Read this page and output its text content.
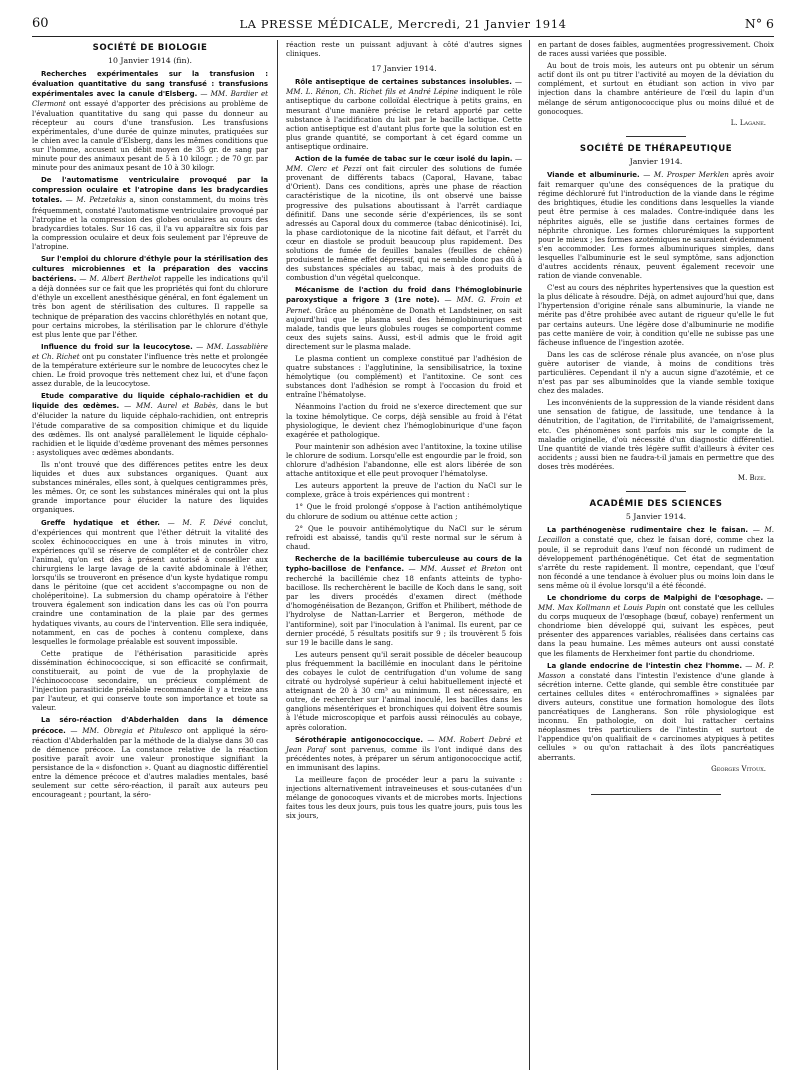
60	LA PRESSE MÉDICALE, Mercredi, 21 Janvier 1914	N° 6
SOCIÉTÉ DE BIOLOGIE
10 Janvier 1914 (fin).

Recherches expérimentales sur la transfusion : évaluation quantitative du sang transfusé : transfusions expérimentales avec la canule d'Elsberg. — MM. Bardier et Clermont ont essayé d'apporter des précisions au problème de l'évaluation quantitative du sang qui passe du donneur au récepteur au cours d'une transfusion. Les transfusions expérimentales, d'une durée de quinze minutes, pratiquées sur le chien avec la canule d'Elsberg, dans les mêmes conditions que sur l'homme, accusent un débit moyen de 35 gr. de sang par minute pour des animaux pesant de 5 à 10 kilogr. ; de 70 gr. par minute pour des animaux pesant de 10 à 30 kilogr.

De l'automatisme ventriculaire provoqué par la compression oculaire et l'atropine dans les bradycardies totales. — M. Petzetakis a, sinon constamment, du moins très fréquemment, constaté l'automatisme ventriculaire provoqué par l'atropine et la compression des globes oculaires au cours des bradycardies totales. Sur 16 cas, il l'a vu apparaître six fois par la compression oculaire et deux fois seulement par l'épreuve de l'atropine.

Sur l'emploi du chlorure d'éthyle pour la stérilisation des cultures microbiennes et la préparation des vaccins bactériens. — M. Albert Berthelot rappelle les indications qu'il a déjà données sur ce fait que les propriétés qui font du chlorure d'éthyle un excellent anesthésique général, en font également un très bon agent de stérilisation des cultures. Il rappelle sa technique de préparation des vaccins chloréthylés en notant que, pour certains microbes, la stérilisation par le chlorure d'éthyle est plus lente que par l'éther.

Influence du froid sur la leucocytose. — MM. Lassablière et Ch. Richet ont pu constater l'influence très nette et prolongée de la température extérieure sur le nombre de leucocytes chez le chien. Le froid provoque très nettement chez lui, et d'une façon assez durable, de la leucocytose.

Etude comparative du liquide céphalo-rachidien et du liquide des œdèmes. — MM. Aurel et Babès, dans le but d'élucider la nature du liquide céphalo-rachidien, ont entrepris l'étude comparative de sa composition chimique et du liquide des œdèmes. Ils ont analysé parallèlement le liquide céphalo-rachidien et le liquide d'œdème provenant des mêmes personnes : asystoliques avec œdèmes abondants.

Ils n'ont trouvé que des différences petites entre les deux liquides et dues aux substances organiques. Quant aux substances minérales, elles sont, à quelques centigrammes près, les mêmes. Or, ce sont les substances minérales qui ont la plus grande importance pour élucider la nature des liquides organiques.

Greffe hydatique et éther. — M. F. Dévé conclut, d'expériences qui montrent que l'éther détruit la vitalité des scolex échinococciques en une à trois minutes in vitro, expériences qu'il se réserve de compléter et de contrôler chez l'animal, qu'on est dès à présent autorisé à conseiller aux chirurgiens le large lavage de la cavité abdominale à l'éther, lorsqu'ils se trouveront en présence d'un kyste hydatique rompu dans le péritoine (que cet accident s'accompagne ou non de choléperitoine). La submersion du champ opératoire à l'éther trouvera également son indication dans les cas où l'on pourra craindre une contamination de la plaie par des germes hydatiques vivants, au cours de l'intervention. Elle sera indiquée, notamment, en cas de poches à contenu complexe, dans lesquelles le formolage préalable est souvent impossible.

Cette pratique de l'éthérisation parasiticide après dissémination échinococcique, si son efficacité se confirmait, constituerait, au point de vue de la prophylaxie de l'échinococcose secondaire, un précieux complément de l'injection parasiticide préalable recommandée il y a treize ans par l'auteur, et qui conserve toute son importance et toute sa valeur.

La séro-réaction d'Abderhalden dans la démence précoce. — MM. Obregia et Pitulesco ont appliqué la séro-réaction d'Abderhalden par la méthode de la dialyse dans 30 cas de démence précoce. La constance relative de la réaction positive paraît avoir une valeur pronostique signifiant la persistance de la « disfonction ». Quant au diagnostic différentiel entre la démence précoce et d'autres maladies mentales, basé seulement sur cette séro-réaction, il paraît aux auteurs peu encourageant ; pourtant, la séro-

réaction reste un puissant adjuvant à côté d'autres signes cliniques.

17 Janvier 1914.

Rôle antiseptique de certaines substances insolubles. — MM. L. Rénon, Ch. Richet fils et André Lépine indiquent le rôle antiseptique du carbone colloïdal électrique à petits grains, en mesurant d'une manière précise le retard apporté par cette substance à l'acidification du lait par le bacille lactique. Cette action antiseptique est d'autant plus forte que la solution est en plus grande quantité, se comportant à cet égard comme un antiseptique ordinaire.

Action de la fumée de tabac sur le cœur isolé du lapin. — MM. Clerc et Pezzi ont fait circuler des solutions de fumée provenant de différents tabacs (Caporal, Havane, tabac d'Orient). Dans ces conditions, après une phase de réaction caractéristique de la nicotine, ils ont observé une baisse progressive des pulsations aboutissant à l'arrêt cardiaque définitif. Dans une seconde série d'expériences, ils se sont adressés au Caporal doux du commerce (tabac dénicotinisé). Ici, la phase cardiotonique de la nicotine fait défaut, et l'arrêt du cœur en diastole se produit beaucoup plus rapidement. Des solutions de fumée de feuilles banales (feuilles de chêne) produisent le même effet dépressif, qui ne semble donc pas dû à des substances spéciales au tabac, mais à des produits de combustion d'un végétal quelconque.

Mécanisme de l'action du froid dans l'hémoglobinurie paroxystique a frigore 3 (1re note). — MM. G. Froin et Pernet. Grâce au phénomène de Donath et Landsteiner, on sait aujourd'hui que le plasma seul des hémoglobinuriques est malade, tandis que leurs globules rouges se comportent comme ceux des sujets sains. Aussi, est-il admis que le froid agit directement sur le plasma malade.

Le plasma contient un complexe constitué par l'adhésion de quatre substances : l'agglutinine, la sensibilisatrice, la toxine hémolytique (ou complément) et l'antitoxine. Ce sont ces substances dont l'adhésion se rompt à l'occasion du froid et entraîne l'hématolyse.

Néanmoins l'action du froid ne s'exerce directement que sur la toxine hémolytique. Ce corps, déjà sensible au froid à l'état physiologique, le devient chez l'hémoglobinurique d'une façon exagérée et pathologique.

Pour maintenir son adhésion avec l'antitoxine, la toxine utilise le chlorure de sodium. Lorsqu'elle est engourdie par le froid, son chlorure d'adhésion l'abandonne, elle est alors libérée de son attache antitoxique et elle peut provoquer l'hématolyse.

Les auteurs apportent la preuve de l'action du NaCl sur le complexe, grâce à trois expériences qui montrent :

1° Que le froid prolongé s'oppose à l'action antihémolytique du chlorure de sodium ou atténue cette action ;

2° Que le pouvoir antihémolytique du NaCl sur le sérum refroidi est abaissé, tandis qu'il reste normal sur le sérum à chaud.

Recherche de la bacillémie tuberculeuse au cours de la typho-bacillose de l'enfance. — MM. Ausset et Breton ont recherché la bacillémie chez 18 enfants atteints de typho-bacillose. Ils recherchèrent le bacille de Koch dans le sang, soit par les divers procédés d'examen direct (méthode d'homogénéisation de Bezançon, Griffon et Philibert, méthode de l'hydrolyse de Nattan-Larrier et Bergeron, méthode de l'antiformine), soit par l'inoculation à l'animal. Ils eurent, par ce dernier procédé, 5 résultats positifs sur 9 ; ils trouvèrent 5 fois sur 19 le bacille dans le sang.

Les auteurs pensent qu'il serait possible de déceler beaucoup plus fréquemment la bacillémie en inoculant dans le péritoine des cobayes le culot de centrifugation d'un volume de sang citraté ou hydrolysé supérieur à celui habituellement injecté et atteignant de 20 à 30 cm³ au minimum. Il est nécessaire, en outre, de rechercher sur l'animal inoculé, les bacilles dans les ganglions mésentériques et bronchiques qui doivent être soumis à l'étude microscopique et parfois aussi réinoculés au cobaye, après coloration.

Sérothérapie antigonococcique. — MM. Robert Debré et Jean Paraf sont parvenus, comme ils l'ont indiqué dans des précédentes notes, à préparer un sérum antigonococcique actif, en immunisant des lapins.

La meilleure façon de procéder leur a paru la suivante : injections alternativement intraveineuses et sous-cutanées d'un mélange de gonocoques vivants et de microbes morts. Injections faites tous les deux jours, puis tous les quatre jours, puis tous les six jours,

en partant de doses faibles, augmentées progressivement. Choix de races aussi variées que possible.

Au bout de trois mois, les auteurs ont pu obtenir un sérum actif dont ils ont pu titrer l'activité au moyen de la déviation du complément, et surtout en étudiant son action in vivo par injection dans la chambre antérieure de l'œil du lapin d'un mélange de sérum antigonococcique plus ou moins dilué et de gonocoques.

L. Lagane.
SOCIÉTÉ DE THÉRAPEUTIQUE
Janvier 1914.

Viande et albuminurie. — M. Prosper Merklen après avoir fait remarquer qu'une des conséquences de la pratique du régime déchloruré fut l'introduction de la viande dans le régime des brightiques, étudie les conditions dans lesquelles la viande peut être permise à ces malades. Contre-indiquée dans les néphrites aiguës, elle se justifie dans certaines formes de néphrite chronique. Les formes chlorurémiques la supportent pour le mieux ; les formes azotémiques ne sauraient évidemment s'en accommoder. Les formes albuminuriques simples, dans lesquelles l'albuminurie est le seul symptôme, sans adjonction d'autres accidents rénaux, peuvent également recevoir une ration de viande convenable.

C'est au cours des néphrites hypertensives que la question est la plus délicate à résoudre. Déjà, on admet aujourd'hui que, dans l'hypertension d'origine rénale sans albuminurie, la viande ne mérite pas d'être prohibée avec autant de rigueur qu'elle le fut par certains auteurs. Une légère dose d'albuminurie ne modifie pas cette manière de voir, à condition qu'elle ne subisse pas une fâcheuse influence de l'ingestion azotée.

Dans les cas de sclérose rénale plus avancée, on n'ose plus guère autoriser de viande, à moins de conditions très particulières. Cependant il n'y a aucun signe d'azotémie, et ce n'est pas par ses albuminoïdes que la viande semble toxique chez des malades.

Les inconvénients de la suppression de la viande résident dans une sensation de fatigue, de lassitude, une tendance à la dénutrition, de l'agitation, de l'irritabilité, de l'amaigrissement, etc. Ces phénomènes sont parfois mis sur le compte de la maladie originelle, d'où nécessité d'un diagnostic différentiel. Une quantité de viande très légère suffit d'ailleurs à éviter ces accidents ; aussi bien ne faudra-t-il jamais en permettre que des doses très modérées.

M. Bize.
ACADÉMIE DES SCIENCES
5 Janvier 1914.

La parthénogenèse rudimentaire chez le faisan. — M. Lecaillon a constaté que, chez le faisan doré, comme chez la poule, il se reproduit dans l'œuf non fécondé un rudiment de développement parthénogénétique. Cet état de segmentation s'arrête du reste rapidement. Il montre, cependant, que l'œuf non fécondé a une tendance à évoluer plus ou moins loin dans le sens même où il évolue lorsqu'il a été fécondé.

Le chondriome du corps de Malpighi de l'œsophage. — MM. Max Kollmann et Louis Papin ont constaté que les cellules du corps muqueux de l'œsophage (bœuf, cobaye) renferment un chondriome bien développé qui, suivant les espèces, peut présenter des apparences variables, réalisées dans certains cas dans la peau humaine. Les mêmes auteurs ont aussi constaté que les filaments de Herxheimer font partie du chondriome.

La glande endocrine de l'intestin chez l'homme. — M. P. Masson a constaté dans l'intestin l'existence d'une glande à sécrétion interne. Cette glande, qui semble être constituée par certaines cellules dites « entérochromaffines » signalées par divers auteurs, constitue une formation homologue des îlots pancréatiques de Langherans. Son rôle physiologique est inconnu. En pathologie, on doit lui rattacher certains néoplasmes très particuliers de l'intestin et surtout de l'appendice qu'on qualifiait de « carcinomes atypiques à petites cellules » ou qu'on rattachait à des îlots pancréatiques aberrants.

Georges Vitoux.
